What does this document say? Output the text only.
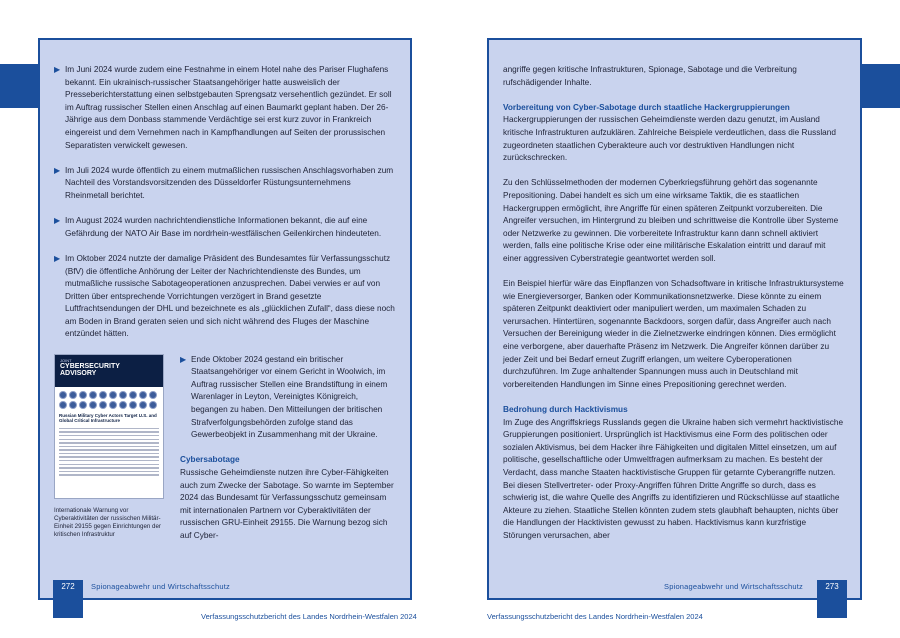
▶ Im Juni 2024 wurde zudem eine Festnahme in einem Hotel nahe des Pariser Flughafens bekannt. Ein ukrainisch-russischer Staatsangehöriger hatte ausweislich der Presseberichterstattung einen selbstgebauten Sprengsatz versehentlich gezündet. Er soll im Auftrag russischer Stellen einen Anschlag auf einen Baumarkt geplant haben. Der 26-Jährige aus dem Donbass stammende Verdächtige sei erst kurz zuvor in Frankreich eingereist und dem Vernehmen nach in Kampfhandlungen auf Seiten der prorussischen Separatisten verwickelt gewesen.

▶ Im Juli 2024 wurde öffentlich zu einem mutmaßlichen russischen Anschlagsvorhaben zum Nachteil des Vorstandsvorsitzenden des Düsseldorfer Rüstungsunternehmens Rheinmetall berichtet.

▶ Im August 2024 wurden nachrichtendienstliche Informationen bekannt, die auf eine Gefährdung der NATO Air Base im nordrhein-westfälischen Geilenkirchen hindeuteten.

▶ Im Oktober 2024 nutzte der damalige Präsident des Bundesamtes für Verfassungsschutz (BfV) die öffentliche Anhörung der Leiter der Nachrichtendienste des Bundes, um mutmaßliche russische Sabotageoperationen anzusprechen. Dabei verwies er auf von Dritten über entsprechende Vorrichtungen verzögert in Brand gesetzte Luftfrachtsendungen der DHL und bezeichnete es als „glücklichen Zufall“, dass diese noch am Boden in Brand geraten seien und sich nicht während des Fluges der Maschine entzündet hätten.

JOINT
CYBERSECURITY
ADVISORY
Russian Military Cyber Actors Target U.S. and Global Critical Infrastructure
Internationale Warnung vor Cyberaktivitäten der russischen Militär-Einheit 29155 gegen Einrichtungen der kritischen Infrastruktur
▶ Ende Oktober 2024 gestand ein britischer Staatsangehöriger vor einem Gericht in Woolwich, im Auftrag russischer Stellen eine Brandstiftung in einem Warenlager in Leyton, Vereinigtes Königreich, begangen zu haben. Den Mitteilungen der britischen Strafverfolgungsbehörden zufolge stand das Gewerbeobjekt in Zusammenhang mit der Ukraine.

Cybersabotage

Russische Geheimdienste nutzen ihre Cyber-Fähigkeiten auch zum Zwecke der Sabotage. So warnte im September 2024 das Bundesamt für Verfassungsschutz gemeinsam mit internationalen Partnern vor Cyberaktivitäten der russischen GRU-Einheit 29155. Die Warnung bezog sich auf Cyber-

angriffe gegen kritische Infrastrukturen, Spionage, Sabotage und die Verbreitung rufschädigender Inhalte.

Vorbereitung von Cyber-Sabotage durch staatliche Hackergruppierungen

Hackergruppierungen der russischen Geheimdienste werden dazu genutzt, im Ausland kritische Infrastrukturen aufzuklären. Zahlreiche Beispiele verdeutlichen, dass die Russland zugeordneten staatlichen Cyberakteure auch vor destruktiven Handlungen nicht zurückschrecken.

Zu den Schlüsselmethoden der modernen Cyberkriegsführung gehört das sogenannte Prepositioning. Dabei handelt es sich um eine wirksame Taktik, die es staatlichen Hackergruppen ermöglicht, ihre Angriffe für einen späteren Zeitpunkt vorzubereiten. Die Angreifer versuchen, im Hintergrund zu bleiben und schrittweise die Kontrolle über Systeme oder Netzwerke zu gewinnen. Die vorbereitete Infrastruktur kann dann schnell aktiviert werden, falls eine politische Krise oder eine militärische Eskalation eintritt und darauf mit einer aggressiven Cyberstrategie geantwortet werden soll.

Ein Beispiel hierfür wäre das Einpflanzen von Schadsoftware in kritische Infrastruktursysteme wie Energieversorger, Banken oder Kommunikationsnetzwerke. Diese könnte zu einem späteren Zeitpunkt deaktiviert oder manipuliert werden, um maximalen Schaden zu verursachen. Hintertüren, sogenannte Backdoors, sorgen dafür, dass Angreifer auch nach Versuchen der Bereinigung wieder in die Zielnetzwerke eindringen können. Dies ermöglicht eine verborgene, aber dauerhafte Präsenz im Netzwerk. Die Angreifer können darüber zu jeder Zeit und bei Bedarf erneut Zugriff erlangen, um weitere Cyberoperationen durchzuführen. Im Zuge anhaltender Spannungen muss auch in Deutschland mit vorbereitenden Handlungen im Sinne eines Prepositioning gerechnet werden.

Bedrohung durch Hacktivismus

Im Zuge des Angriffskriegs Russlands gegen die Ukraine haben sich vermehrt hacktivistische Gruppierungen positioniert. Ursprünglich ist Hacktivismus eine Form des politischen oder sozialen Aktivismus, bei dem Hacker ihre Fähigkeiten und digitalen Mittel einsetzen, um auf politische, gesellschaftliche oder Umweltfragen aufmerksam zu machen. Es besteht der Verdacht, dass manche Staaten hacktivistische Gruppen für getarnte Cyberangriffe nutzen. Bei diesen Stellvertreter- oder Proxy-Angriffen führen Dritte Angriffe so durch, dass es schwierig ist, die wahre Quelle des Angriffs zu identifizieren und Rückschlüsse auf staatliche Akteure zu ziehen. Staatliche Stellen könnten zudem stets glaubhaft behaupten, nichts über die Handlungen der Hacktivisten gewusst zu haben. Hacktivismus kann kurzfristige Störungen verursachen, aber

272	Spionageabwehr und Wirtschaftsschutz
Verfassungsschutzbericht des Landes Nordrhein-Westfalen 2024
273
Spionageabwehr und Wirtschaftsschutz
Verfassungsschutzbericht des Landes Nordrhein-Westfalen 2024
